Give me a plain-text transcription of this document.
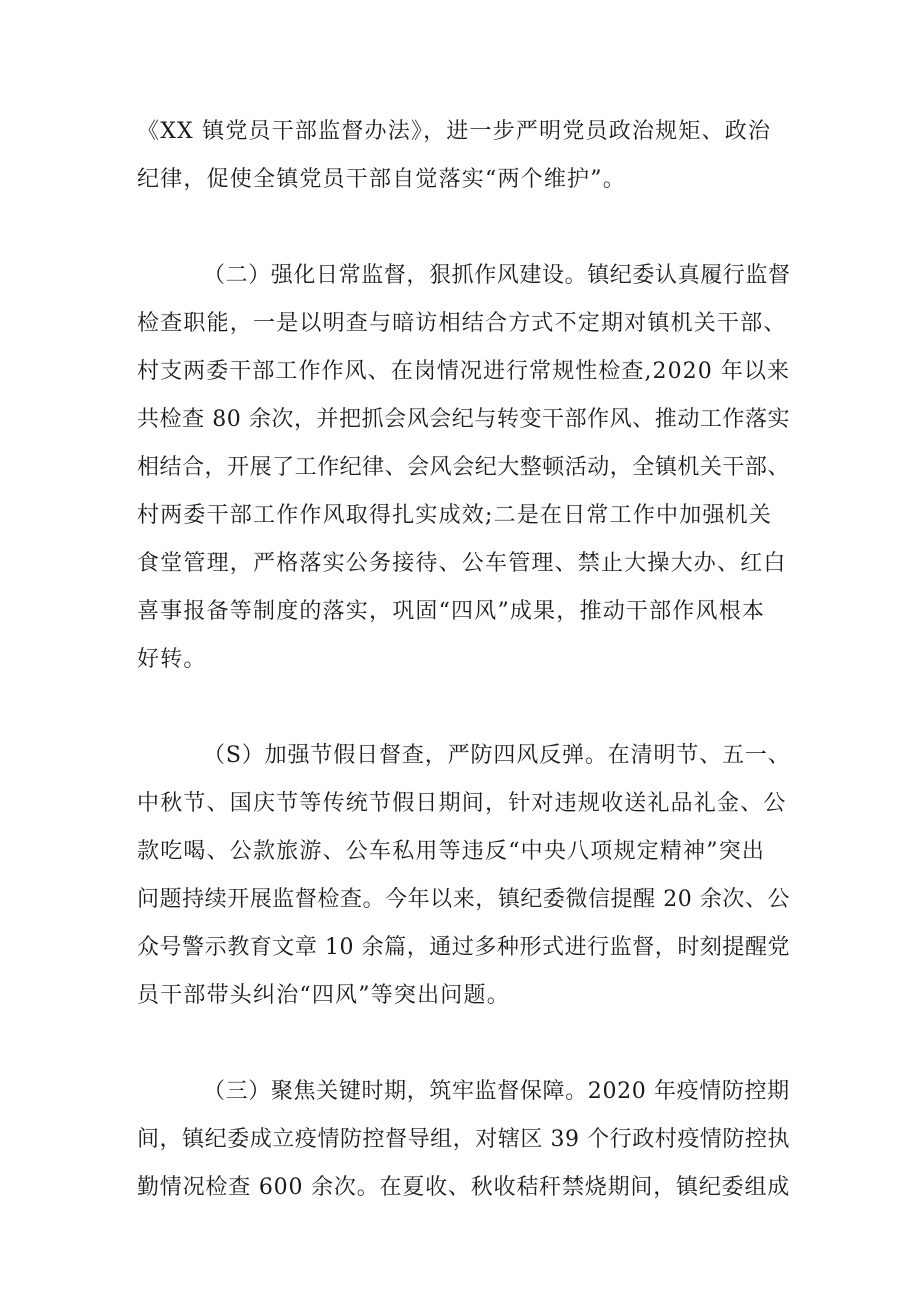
《XX 镇党员干部监督办法》，进一步严明党员政治规矩、政治
纪律，促使全镇党员干部自觉落实“两个维护”。

（二）强化日常监督，狠抓作风建设。镇纪委认真履行监督
检查职能，一是以明查与暗访相结合方式不定期对镇机关干部、
村支两委干部工作作风、在岗情况进行常规性检查,2020 年以来
共检查 80 余次，并把抓会风会纪与转变干部作风、推动工作落实
相结合，开展了工作纪律、会风会纪大整顿活动，全镇机关干部、
村两委干部工作作风取得扎实成效;二是在日常工作中加强机关
食堂管理，严格落实公务接待、公车管理、禁止大操大办、红白
喜事报备等制度的落实，巩固“四风”成果，推动干部作风根本
好转。

（S）加强节假日督查，严防四风反弹。在清明节、五一、
中秋节、国庆节等传统节假日期间，针对违规收送礼品礼金、公
款吃喝、公款旅游、公车私用等违反“中央八项规定精神”突出
问题持续开展监督检查。今年以来，镇纪委微信提醒 20 余次、公
众号警示教育文章 10 余篇，通过多种形式进行监督，时刻提醒党
员干部带头纠治“四风”等突出问题。

（三）聚焦关键时期，筑牢监督保障。2020 年疫情防控期
间，镇纪委成立疫情防控督导组，对辖区 39 个行政村疫情防控执
勤情况检查 600 余次。在夏收、秋收秸秆禁烧期间，镇纪委组成
